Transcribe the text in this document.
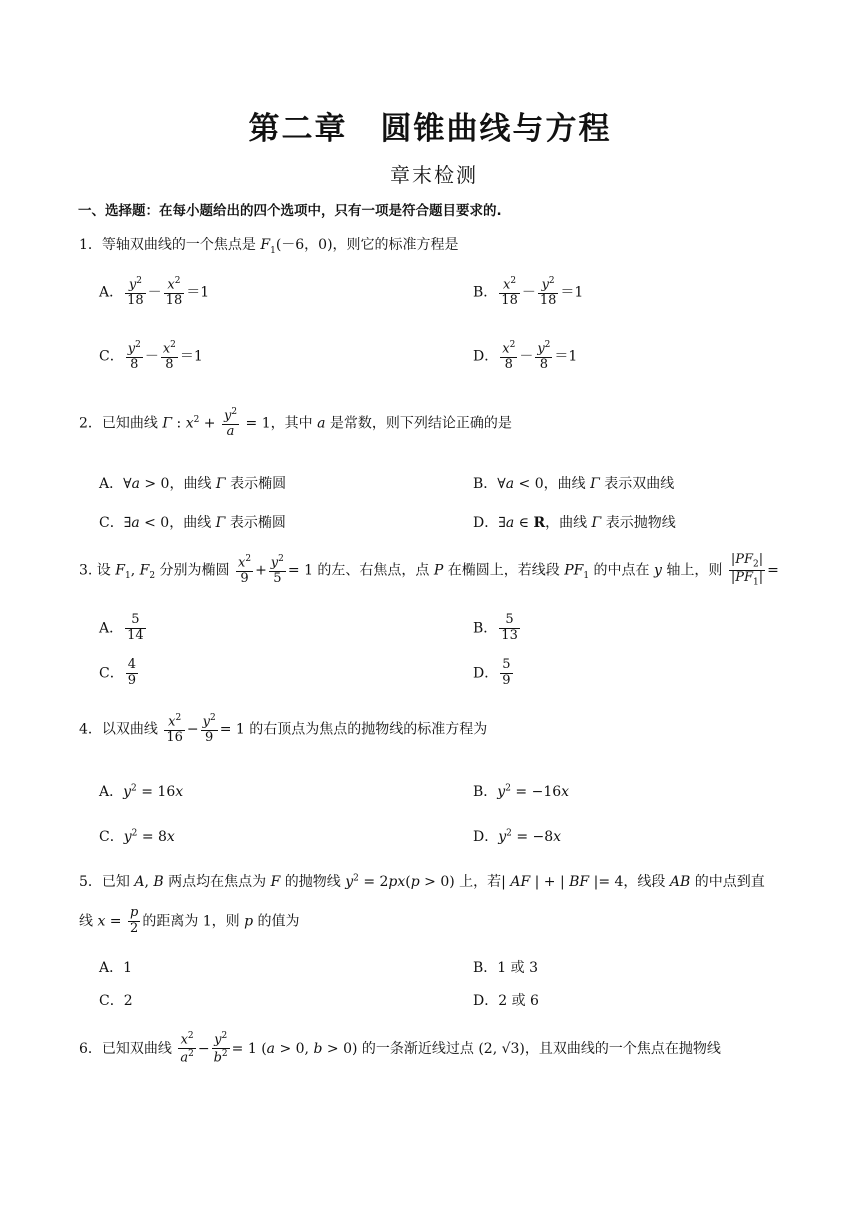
第二章　圆锥曲线与方程
章末检测
一、选择题：在每小题给出的四个选项中，只有一项是符合题目要求的.
1．等轴双曲线的一个焦点是 $F_1(-6$，0)，则它的标准方程是
A． $\frac{y^2}{18} - \frac{x^2}{18} =1$	B． $\frac{x^2}{18} - \frac{y^2}{18} =1$
C． $\frac{y^2}{8} - \frac{x^2}{8} =1$	D． $\frac{x^2}{8} - \frac{y^2}{8} =1$
2．已知曲线 Γ : $x^2 + \frac{y^2}{a} = 1$，其中 a 是常数，则下列结论正确的是
A．∀a > 0，曲线 Γ 表示椭圆	B．∀a < 0，曲线 Γ 表示双曲线
C．∃a < 0，曲线 Γ 表示椭圆	D．∃a ∈ R，曲线 Γ 表示抛物线
3. 设 $F_1$, $F_2$ 分别为椭圆 $\frac{x^2}{9} + \frac{y^2}{5} = 1$ 的左、右焦点，点 P 在椭圆上，若线段 $PF_1$ 的中点在 y 轴上，则 $\frac{|PF_2|}{|PF_1|}$ =
A． $\frac{5}{14}$	B． $\frac{5}{13}$
C． $\frac{4}{9}$	D． $\frac{5}{9}$
4．以双曲线 $\frac{x^2}{16} - \frac{y^2}{9} = 1$ 的右顶点为焦点的抛物线的标准方程为
A．$y^2 = 16x$	B．$y^2 = -16x$
C．$y^2 = 8x$	D．$y^2 = -8x$
5．已知 A, B 两点均在焦点为 F 的抛物线 $y^2 = 2px(p > 0)$ 上，若| AF | + | BF |= 4，线段 AB 的中点到直
线 $x = \frac{p}{2}$ 的距离为 1，则 p 的值为
A．1	B．1 或 3
C．2	D．2 或 6
6．已知双曲线 $\frac{x^2}{a^2} - \frac{y^2}{b^2} = 1$ (a > 0, b > 0) 的一条渐近线过点 (2, √3)，且双曲线的一个焦点在抛物线
